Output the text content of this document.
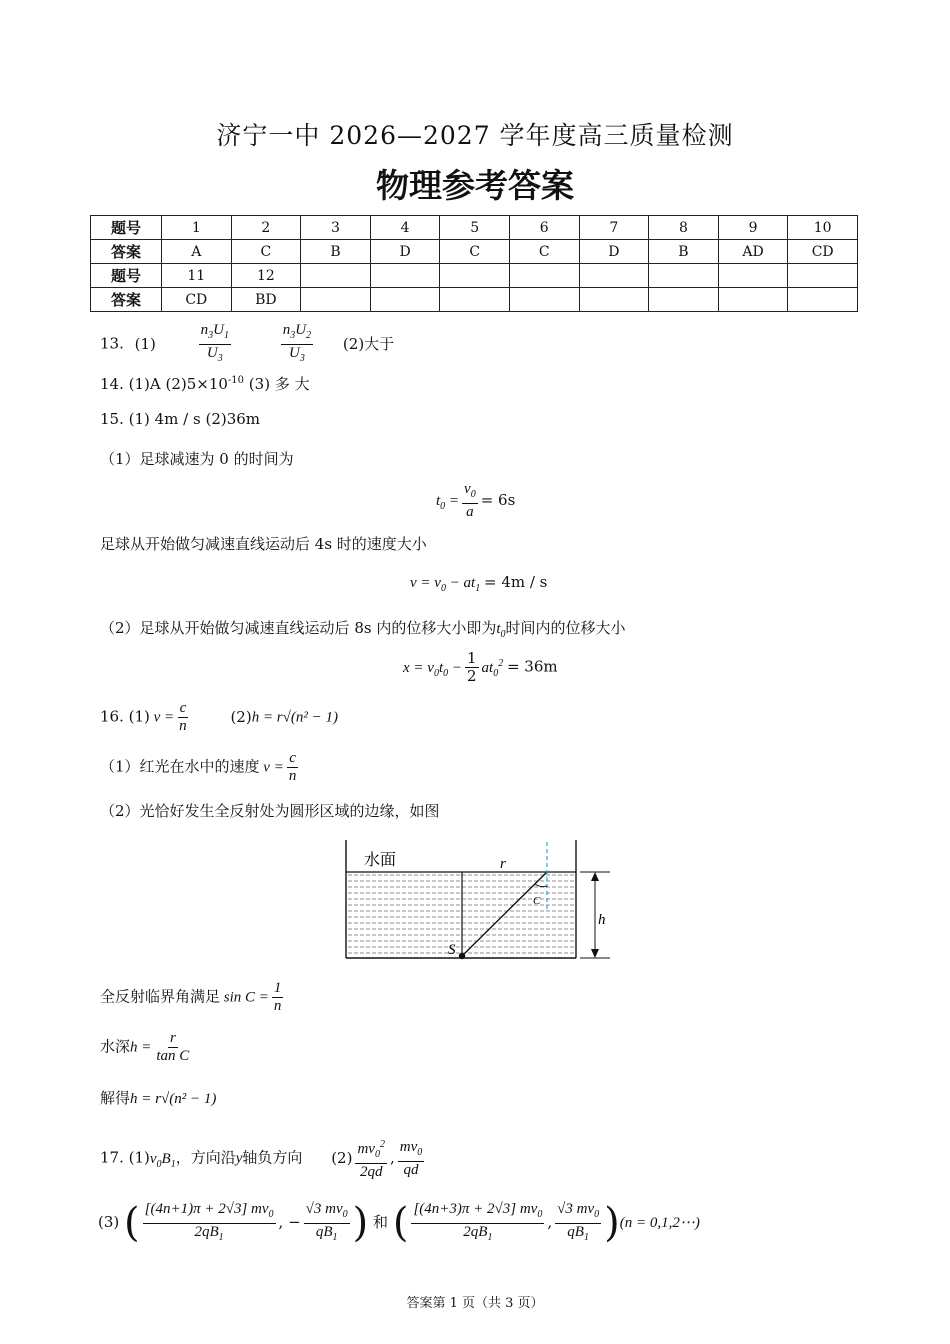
济宁一中 2026—2027 学年度高三质量检测
物理参考答案
题号	1	2	3	4	5	6	7	8	9	10
答案	A	C	B	D	C	C	D	B	AD	CD
题号	11	12								
答案	CD	BD								
13. (1)	$\frac{n_3U_1}{U_3}$
	$\frac{n_3U_2}{U_3} (2)$大于
14. (1)A $(2)5\times 10^{-10}$ (3) 多 大
15. (1) 4m / s (2)36m
（1）足球减速为 0 的时间为
$t_0 = \frac{v_0}{a} = 6s$
足球从开始做匀减速直线运动后 4s 时的速度大小
$v = v_0 - at_1 = 4m / s$
（2）足球从开始做匀减速直线运动后 8s 内的位移大小即为$t_0$时间内的位移大小
$x = v_0t_0 - \frac{1}{2} at_0^2 = 36m$
16. (1) $v = \frac{c}{n}$	(2)h = r√(n² − 1)
（1）红光在水中的速度 $v = \frac{c}{n}$
（2）光恰好发生全反射处为圆形区域的边缘，如图
水面	r
h
S
C
全反射临界角满足 $\sin C = \frac{1}{n}$
水深$h = \frac{r}{\text{tan C}}$
解得h = r√(n² − 1)
17. $(1)v_0B_1$，方向沿y轴负方向 $(2) \frac{mv_0^2}{2qd}$ , $\frac{mv_0}{qd}$
(3) ( $\frac{[(4n+1)\pi + 2√3] mv_0}{2qB_1}$ , − $\frac{√3 mv_0}{qB_1}$ ) 和 ( $\frac{[(4n+3)\pi + 2√3] mv_0}{2qB_1}$ , $\frac{√3 mv_0}{qB_1} )(n$ = 0,1,2⋯)
答案第 1 页（共 3 页）
